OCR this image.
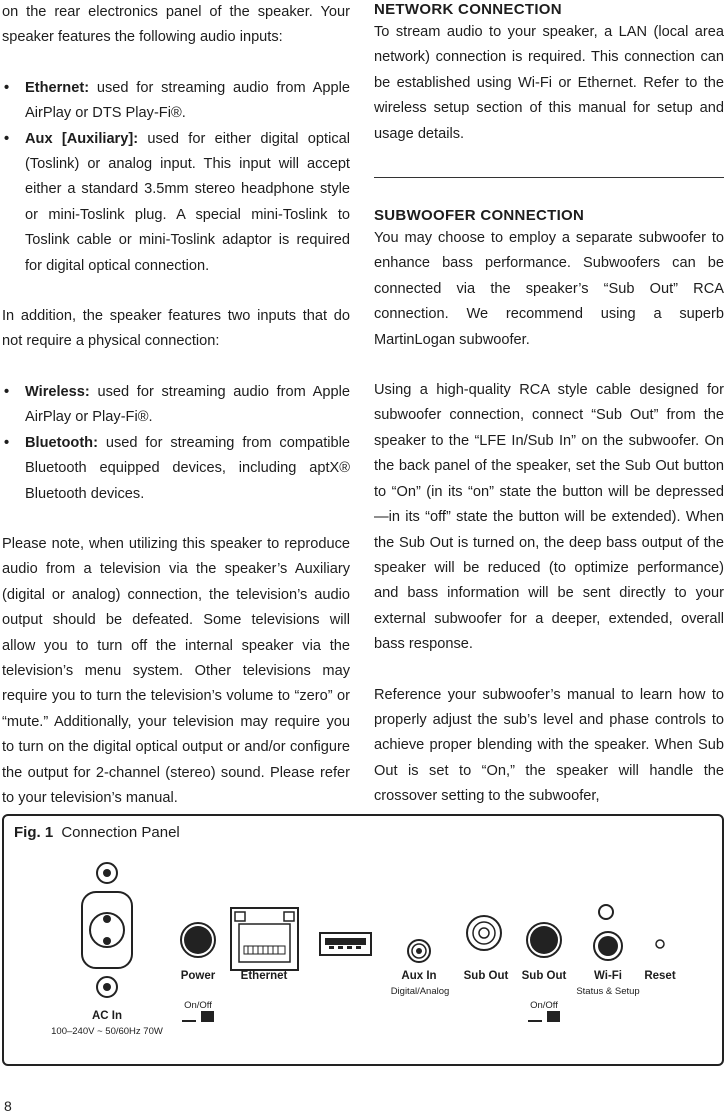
on the rear electronics panel of the speaker. Your speaker features the following audio inputs:

• Ethernet: used for streaming audio from Apple AirPlay or DTS Play-Fi®.
• Aux [Auxiliary]: used for either digital optical (Toslink) or analog input. This input will accept either a standard 3.5mm stereo headphone style or mini-Toslink plug. A special mini-Toslink to Toslink cable or mini-Toslink adaptor is required for digital optical connection.

In addition, the speaker features two inputs that do not require a physical connection:

• Wireless: used for streaming audio from Apple AirPlay or Play-Fi®.
• Bluetooth: used for streaming from compatible Bluetooth equipped devices, including aptX® Bluetooth devices.

Please note, when utilizing this speaker to reproduce audio from a television via the speaker’s Auxiliary (digital or analog) connection, the television’s audio output should be defeated. Some televisions will allow you to turn off the internal speaker via the television’s menu system. Other televisions may require you to turn the television’s volume to “zero” or “mute.” Additionally, your television may require you to turn on the digital optical output or and/or configure the output for 2-channel (stereo) sound. Please refer to your television’s manual.

NETWORK CONNECTION

To stream audio to your speaker, a LAN (local area network) connection is required. This connection can be established using Wi-Fi or Ethernet. Refer to the wireless setup section of this manual for setup and usage details.

SUBWOOFER CONNECTION

You may choose to employ a separate subwoofer to enhance bass performance. Subwoofers can be connected via the speaker’s “Sub Out” RCA connection. We recommend using a superb MartinLogan subwoofer.

Using a high-quality RCA style cable designed for subwoofer connection, connect “Sub Out” from the speaker to the “LFE In/Sub In” on the subwoofer. On the back panel of the speaker, set the Sub Out button to “On” (in its “on” state the button will be depressed—in its “off” state the button will be extended). When the Sub Out is turned on, the deep bass output of the speaker will be reduced (to optimize performance) and bass information will be sent directly to your external subwoofer for a deeper, extended, overall bass response.

Reference your subwoofer’s manual to learn how to properly adjust the sub’s level and phase controls to achieve proper blending with the speaker. When Sub Out is set to “On,” the speaker will handle the crossover setting to the subwoofer,

Fig. 1 Connection Panel
AC In
100–240V ~ 50/60Hz 70W
Power
On/Off
Ethernet	Aux In
Digital/Analog
Sub Out	Sub Out
On/Off
Wi-Fi
Status & Setup
Reset
8
